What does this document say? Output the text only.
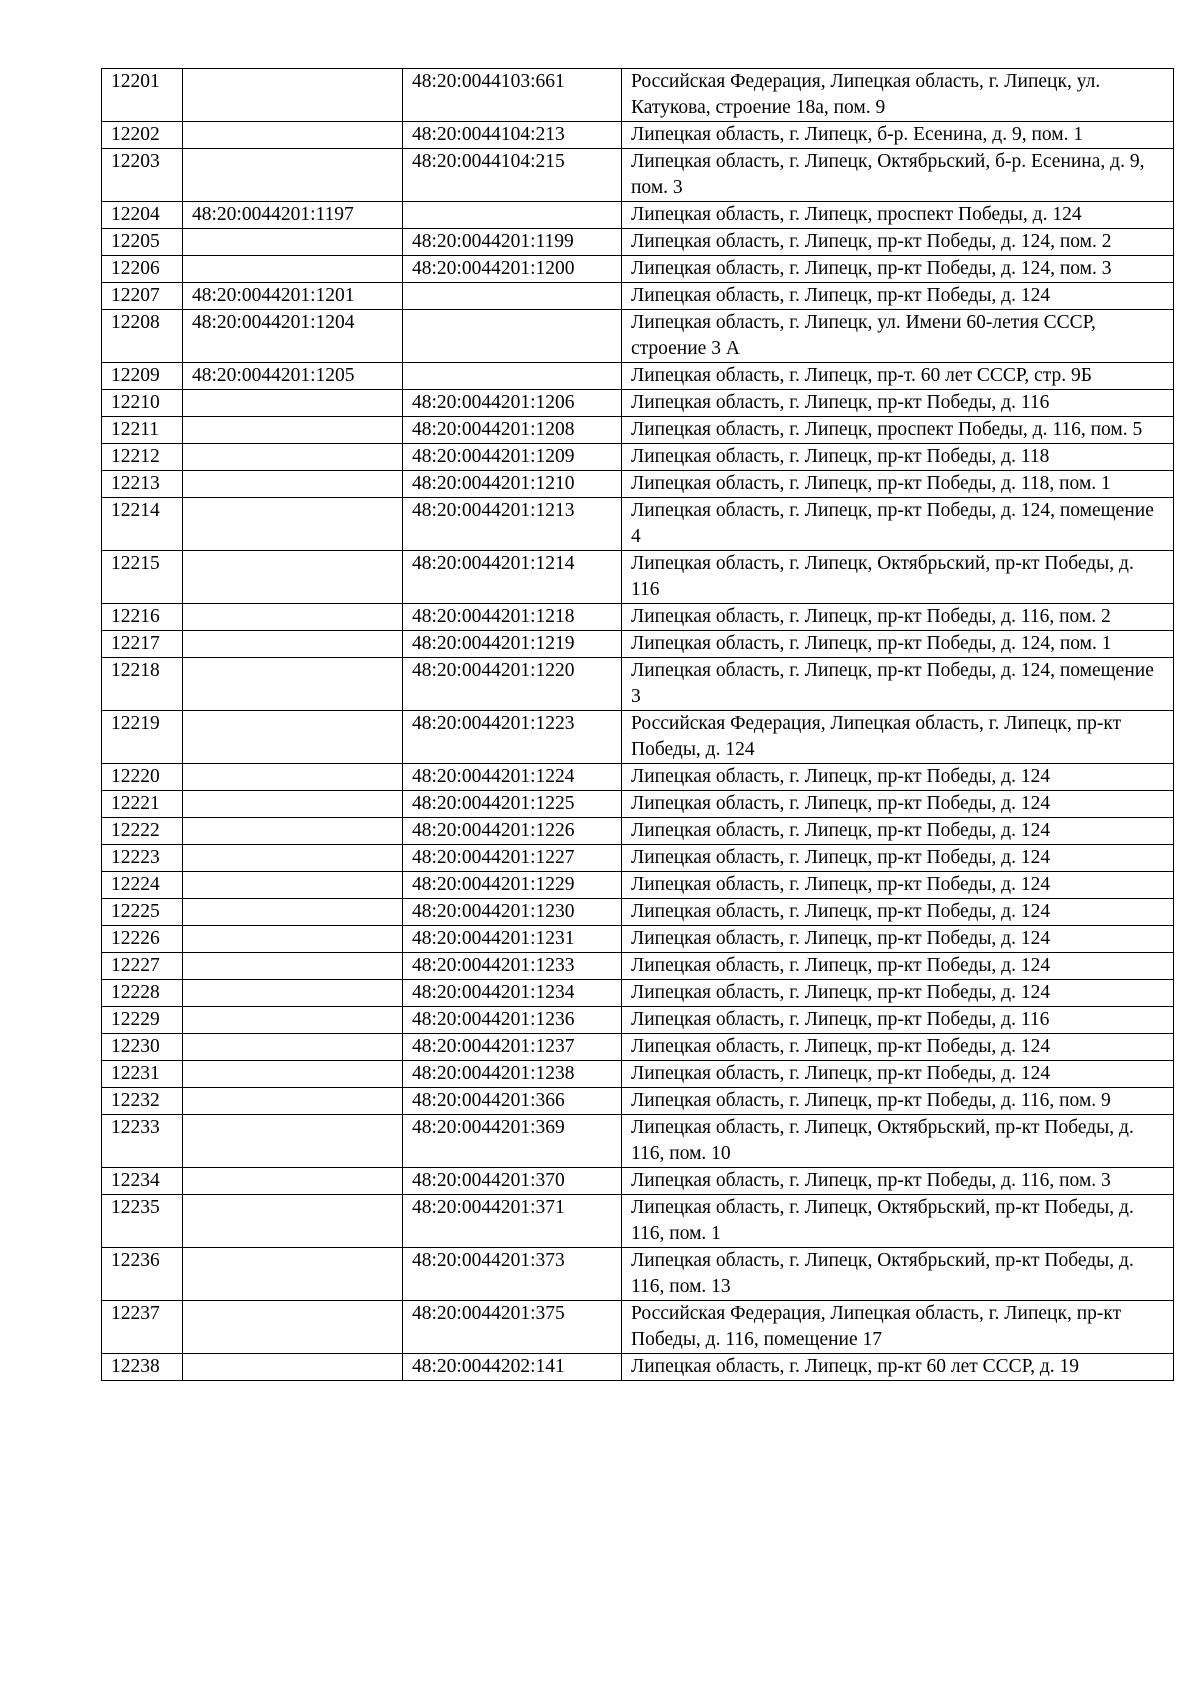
12201		48:20:0044103:661	Российская Федерация, Липецкая область, г. Липецк, ул. Катукова, строение 18а, пом. 9
12202		48:20:0044104:213	Липецкая область, г. Липецк, б-р. Есенина, д. 9, пом. 1
12203		48:20:0044104:215	Липецкая область, г. Липецк, Октябрьский, б-р. Есенина, д. 9, пом. 3
12204	48:20:0044201:1197		Липецкая область, г. Липецк, проспект Победы, д. 124
12205		48:20:0044201:1199	Липецкая область, г. Липецк, пр-кт Победы, д. 124, пом. 2
12206		48:20:0044201:1200	Липецкая область, г. Липецк, пр-кт Победы, д. 124, пом. 3
12207	48:20:0044201:1201		Липецкая область, г. Липецк, пр-кт Победы, д. 124
12208	48:20:0044201:1204		Липецкая область, г. Липецк, ул. Имени 60-летия СССР, строение 3 А
12209	48:20:0044201:1205		Липецкая область, г. Липецк, пр-т. 60 лет СССР, стр. 9Б
12210		48:20:0044201:1206	Липецкая область, г. Липецк, пр-кт Победы, д. 116
12211		48:20:0044201:1208	Липецкая область, г. Липецк, проспект Победы, д. 116, пом. 5
12212		48:20:0044201:1209	Липецкая область, г. Липецк, пр-кт Победы, д. 118
12213		48:20:0044201:1210	Липецкая область, г. Липецк, пр-кт Победы, д. 118, пом. 1
12214		48:20:0044201:1213	Липецкая область, г. Липецк, пр-кт Победы, д. 124, помещение 4
12215		48:20:0044201:1214	Липецкая область, г. Липецк, Октябрьский, пр-кт Победы, д. 116
12216		48:20:0044201:1218	Липецкая область, г. Липецк, пр-кт Победы, д. 116, пом. 2
12217		48:20:0044201:1219	Липецкая область, г. Липецк, пр-кт Победы, д. 124, пом. 1
12218		48:20:0044201:1220	Липецкая область, г. Липецк, пр-кт Победы, д. 124, помещение 3
12219		48:20:0044201:1223	Российская Федерация, Липецкая область, г. Липецк, пр-кт Победы, д. 124
12220		48:20:0044201:1224	Липецкая область, г. Липецк, пр-кт Победы, д. 124
12221		48:20:0044201:1225	Липецкая область, г. Липецк, пр-кт Победы, д. 124
12222		48:20:0044201:1226	Липецкая область, г. Липецк, пр-кт Победы, д. 124
12223		48:20:0044201:1227	Липецкая область, г. Липецк, пр-кт Победы, д. 124
12224		48:20:0044201:1229	Липецкая область, г. Липецк, пр-кт Победы, д. 124
12225		48:20:0044201:1230	Липецкая область, г. Липецк, пр-кт Победы, д. 124
12226		48:20:0044201:1231	Липецкая область, г. Липецк, пр-кт Победы, д. 124
12227		48:20:0044201:1233	Липецкая область, г. Липецк, пр-кт Победы, д. 124
12228		48:20:0044201:1234	Липецкая область, г. Липецк, пр-кт Победы, д. 124
12229		48:20:0044201:1236	Липецкая область, г. Липецк, пр-кт Победы, д. 116
12230		48:20:0044201:1237	Липецкая область, г. Липецк, пр-кт Победы, д. 124
12231		48:20:0044201:1238	Липецкая область, г. Липецк, пр-кт Победы, д. 124
12232		48:20:0044201:366	Липецкая область, г. Липецк, пр-кт Победы, д. 116, пом. 9
12233		48:20:0044201:369	Липецкая область, г. Липецк, Октябрьский, пр-кт Победы, д. 116, пом. 10
12234		48:20:0044201:370	Липецкая область, г. Липецк, пр-кт Победы, д. 116, пом. 3
12235		48:20:0044201:371	Липецкая область, г. Липецк, Октябрьский, пр-кт Победы, д. 116, пом. 1
12236		48:20:0044201:373	Липецкая область, г. Липецк, Октябрьский, пр-кт Победы, д. 116, пом. 13
12237		48:20:0044201:375	Российская Федерация, Липецкая область, г. Липецк, пр-кт Победы, д. 116, помещение 17
12238		48:20:0044202:141	Липецкая область, г. Липецк, пр-кт 60 лет СССР, д. 19
